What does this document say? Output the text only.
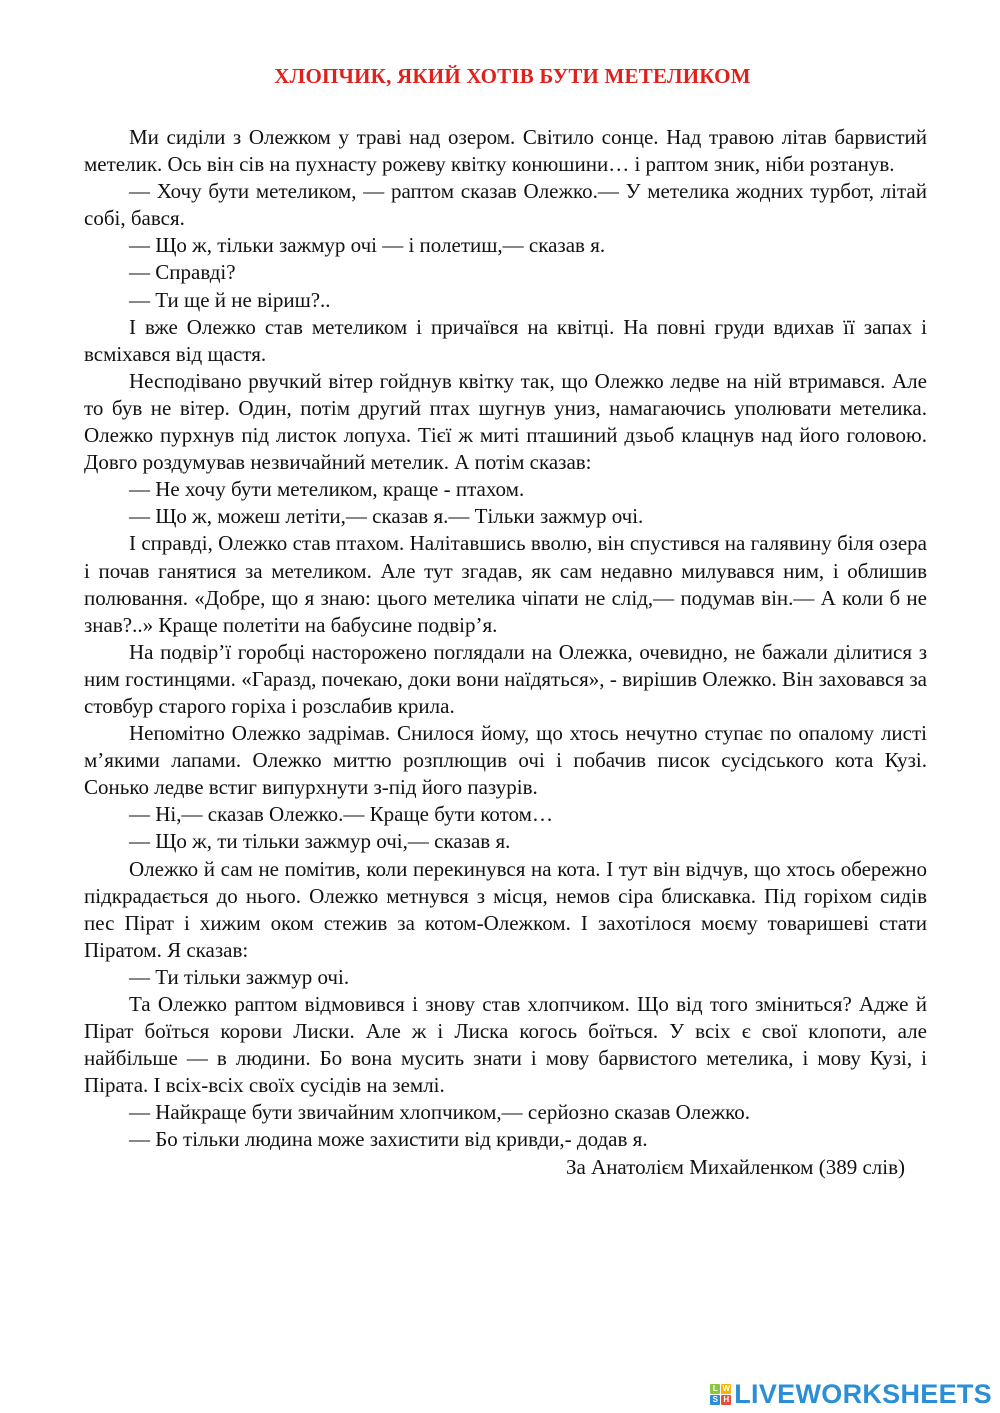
ХЛОПЧИК, ЯКИЙ ХОТІВ БУТИ МЕТЕЛИКОМ

Ми сиділи з Олежком у траві над озером. Світило сонце. Над травою літав барвистий метелик. Ось він сів на пухнасту рожеву квітку конюшини… і раптом зник, ніби розтанув.

— Хочу бути метеликом, — раптом сказав Олежко.— У метелика жодних турбот, літай собі, бався.

— Що ж, тільки зажмур очі — і полетиш,— сказав я.

— Справді?

— Ти ще й не віриш?..

І вже Олежко став метеликом і причаївся на квітці. На повні груди вдихав її запах і всміхався від щастя.

Несподівано рвучкий вітер гойднув квітку так, що Олежко ледве на ній втримався. Але то був не вітер. Один, потім другий птах шугнув униз, намагаючись уполювати метелика. Олежко пурхнув під листок лопуха. Тієї ж миті пташиний дзьоб клацнув над його головою. Довго роздумував незвичайний метелик. А потім сказав:

— Не хочу бути метеликом, краще - птахом.

— Що ж, можеш летіти,— сказав я.— Тільки зажмур очі.

І справді, Олежко став птахом. Налітавшись вволю, він спустився на галявину біля озера і почав ганятися за метеликом. Але тут згадав, як сам недавно милувався ним, і облишив полювання. «Добре, що я знаю: цього метелика чіпати не слід,— подумав він.— А коли б не знав?..» Краще полетіти на бабусине подвір’я.

На подвір’ї горобці насторожено поглядали на Олежка, очевидно, не бажали ділитися з ним гостинцями. «Гаразд, почекаю, доки вони наїдяться», - вирішив Олежко. Він заховався за стовбур старого горіха і розслабив крила.

Непомітно Олежко задрімав. Снилося йому, що хтось нечутно ступає по опалому листі м’якими лапами. Олежко миттю розплющив очі і побачив писок сусідського кота Кузі. Сонько ледве встиг випурхнути з-під його пазурів.

— Ні,— сказав Олежко.— Краще бути котом…

— Що ж, ти тільки зажмур очі,— сказав я.

Олежко й сам не помітив, коли перекинувся на кота. І тут він відчув, що хтось обережно підкрадається до нього. Олежко метнувся з місця, немов сіра блискавка. Під горіхом сидів пес Пірат і хижим оком стежив за котом-Олежком. І захотілося моєму товаришеві стати Піратом. Я сказав:

— Ти тільки зажмур очі.

Та Олежко раптом відмовився і знову став хлопчиком. Що від того зміниться? Адже й Пірат боїться корови Лиски. Але ж і Лиска когось боїться. У всіх є свої клопоти, але найбільше — в людини. Бо вона мусить знати і мову барвистого метелика, і мову Кузі, і Пірата. І всіх-всіх своїх сусідів на землі.

— Найкраще бути звичайним хлопчиком,— серйозно сказав Олежко.

— Бо тільки людина може захистити від кривди,- додав я.

За Анатолієм Михайленком (389 слів)
L W
S H LIVEWORKSHEETS
